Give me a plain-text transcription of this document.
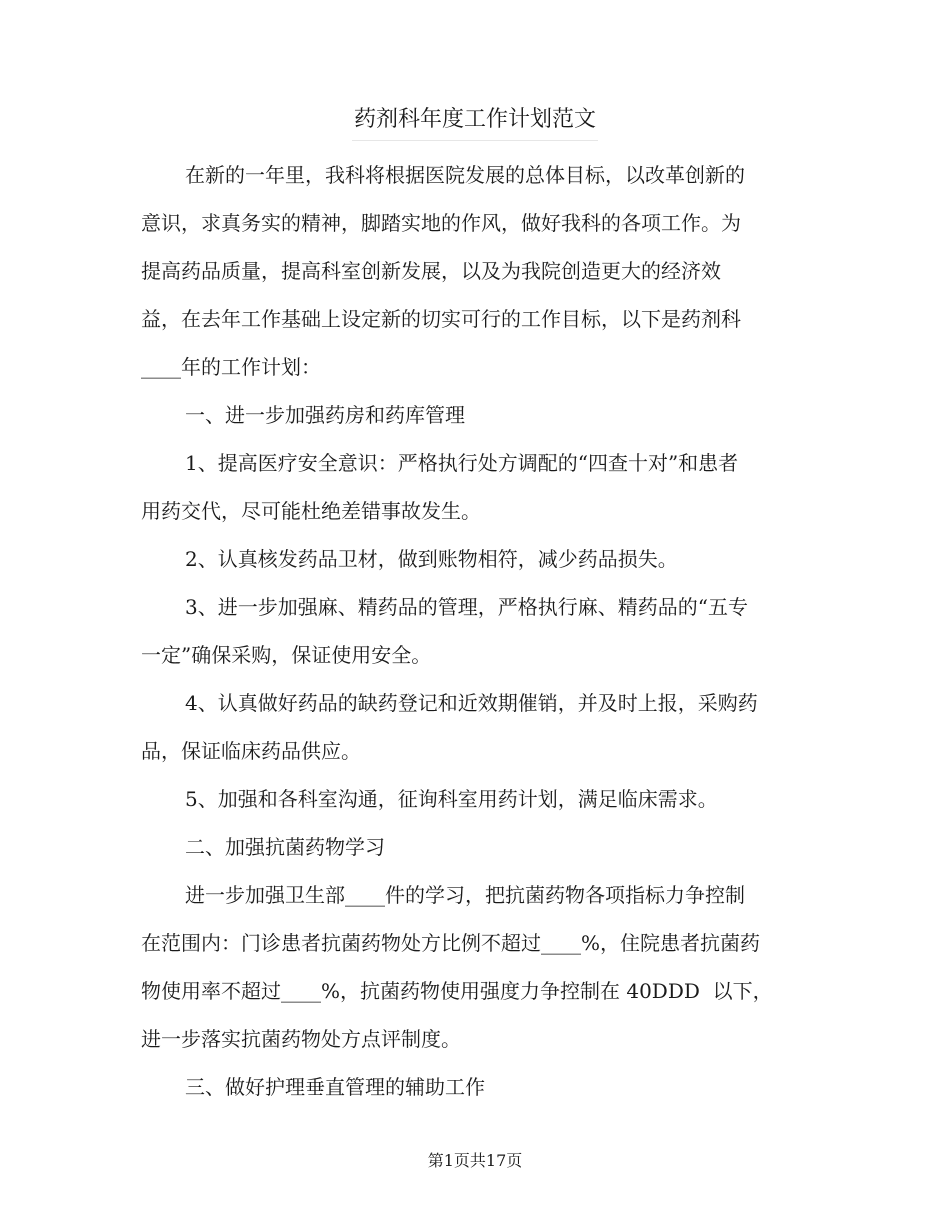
药剂科年度工作计划范文
在新的一年里，我科将根据医院发展的总体目标，以改革创新的
意识，求真务实的精神，脚踏实地的作风，做好我科的各项工作。为
提高药品质量，提高科室创新发展，以及为我院创造更大的经济效
益，在去年工作基础上设定新的切实可行的工作目标，以下是药剂科
____年的工作计划：
一、进一步加强药房和药库管理
1、提高医疗安全意识：严格执行处方调配的“四查十对”和患者
用药交代，尽可能杜绝差错事故发生。
2、认真核发药品卫材，做到账物相符，减少药品损失。
3、进一步加强麻、精药品的管理，严格执行麻、精药品的“五专
一定”确保采购，保证使用安全。
4、认真做好药品的缺药登记和近效期催销，并及时上报，采购药
品，保证临床药品供应。
5、加强和各科室沟通，征询科室用药计划，满足临床需求。
二、加强抗菌药物学习
进一步加强卫生部____件的学习，把抗菌药物各项指标力争控制
在范围内：门诊患者抗菌药物处方比例不超过____%，住院患者抗菌药
物使用率不超过____%，抗菌药物使用强度力争控制在 40DDD  以下，
进一步落实抗菌药物处方点评制度。
三、做好护理垂直管理的辅助工作
第1页共17页
